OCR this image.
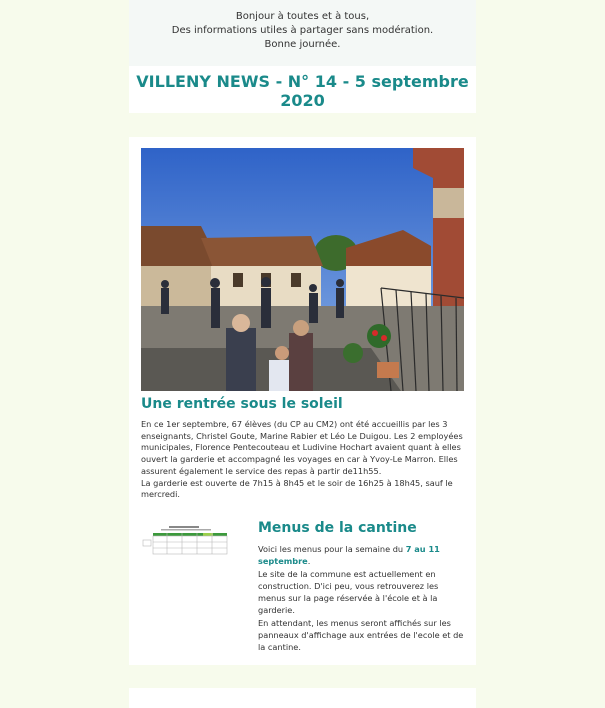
Bonjour à toutes et à tous,
Des informations utiles à partager sans modération.
Bonne journée.
VILLENY NEWS - N° 14 - 5 septembre
2020
Une rentrée sous le soleil
En ce 1er septembre, 67 élèves (du CP au CM2) ont été accueillis par les 3 enseignants, Christel Goute, Marine Rabier et Léo Le Duigou. Les 2 employées municipales, Florence Pentecouteau et Ludivine Hochart avaient quant à elles ouvert la garderie et accompagné les voyages en car à Yvoy-Le Marron. Elles assurent également le service des repas à partir de11h55.
La garderie est ouverte de 7h15 à 8h45 et le soir de 16h25 à 18h45, sauf le mercredi.
Menus de la cantine
Voici les menus pour la semaine du 7 au 11 septembre.
Le site de la commune est actuellement en construction. D'ici peu, vous retrouverez les menus sur la page réservée à l'école et à la garderie.
En attendant, les menus seront affichés sur les panneaux d'affichage aux entrées de l'ecole et de la cantine.
